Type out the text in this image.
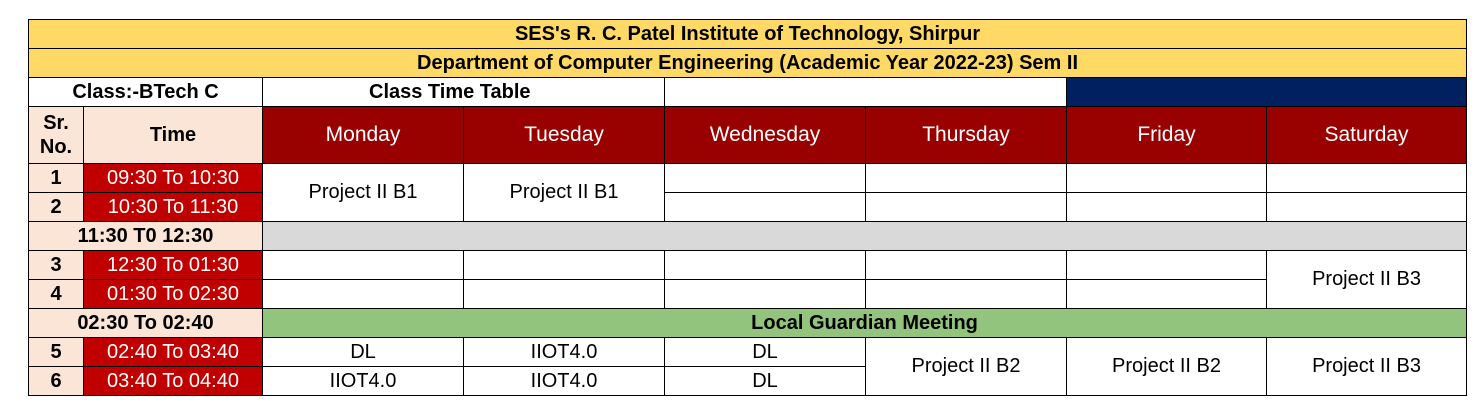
SES's R. C. Patel Institute of Technology, Shirpur							
Department of Computer Engineering (Academic Year 2022-23) Sem II							
Class:-BTech C		Class Time Table					
Sr. No.	Time	Monday	Tuesday	Wednesday	Thursday	Friday	Saturday
1	09:30 To 10:30	Project II B1	Project II B1				
2	10:30 To 11:30						
11:30 T0 12:30							
3	12:30 To 01:30						Project II B3
4	01:30 To 02:30						
02:30 To 02:40		Local Guardian Meeting					
5	02:40 To 03:40	DL	IIOT4.0	DL	Project II B2	Project II B2	Project II B3
6	03:40 To 04:40	IIOT4.0	IIOT4.0	DL			
